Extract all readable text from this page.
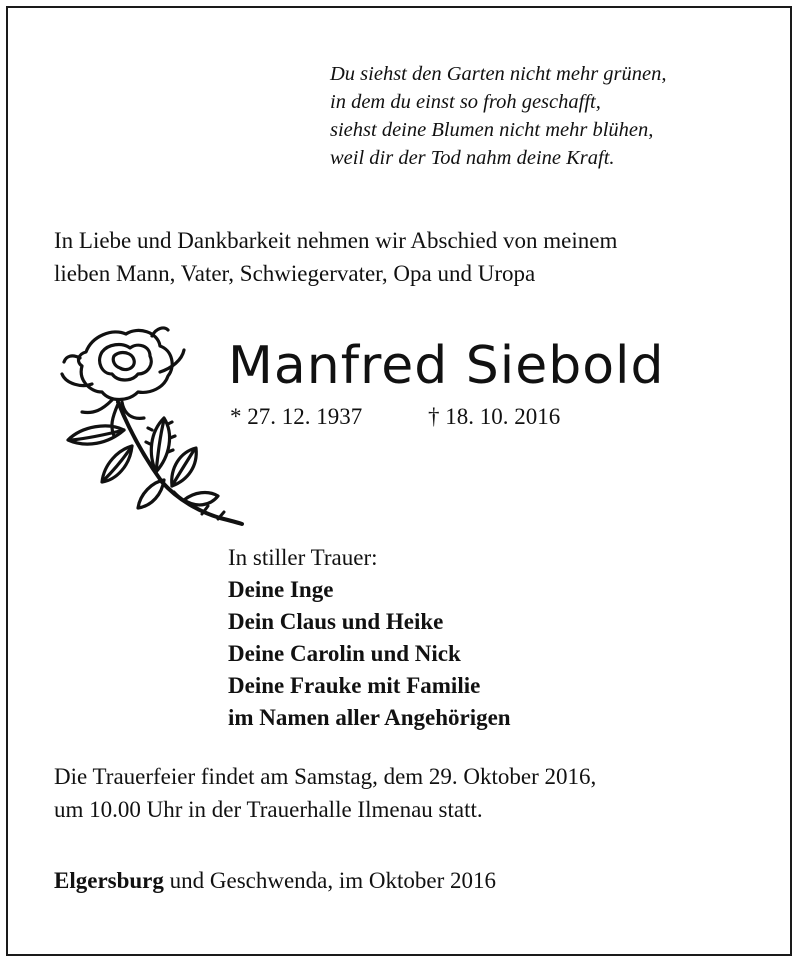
Du siehst den Garten nicht mehr grünen,
in dem du einst so froh geschafft,
siehst deine Blumen nicht mehr blühen,
weil dir der Tod nahm deine Kraft.
In Liebe und Dankbarkeit nehmen wir Abschied von meinem
lieben Mann, Vater, Schwiegervater, Opa und Uropa
Manfred Siebold
* 27. 12. 1937	† 18. 10. 2016
In stiller Trauer:
Deine Inge
Dein Claus und Heike
Deine Carolin und Nick
Deine Frauke mit Familie
im Namen aller Angehörigen
Die Trauerfeier findet am Samstag, dem 29. Oktober 2016,
um 10.00 Uhr in der Trauerhalle Ilmenau statt.
Elgersburg und Geschwenda, im Oktober 2016
